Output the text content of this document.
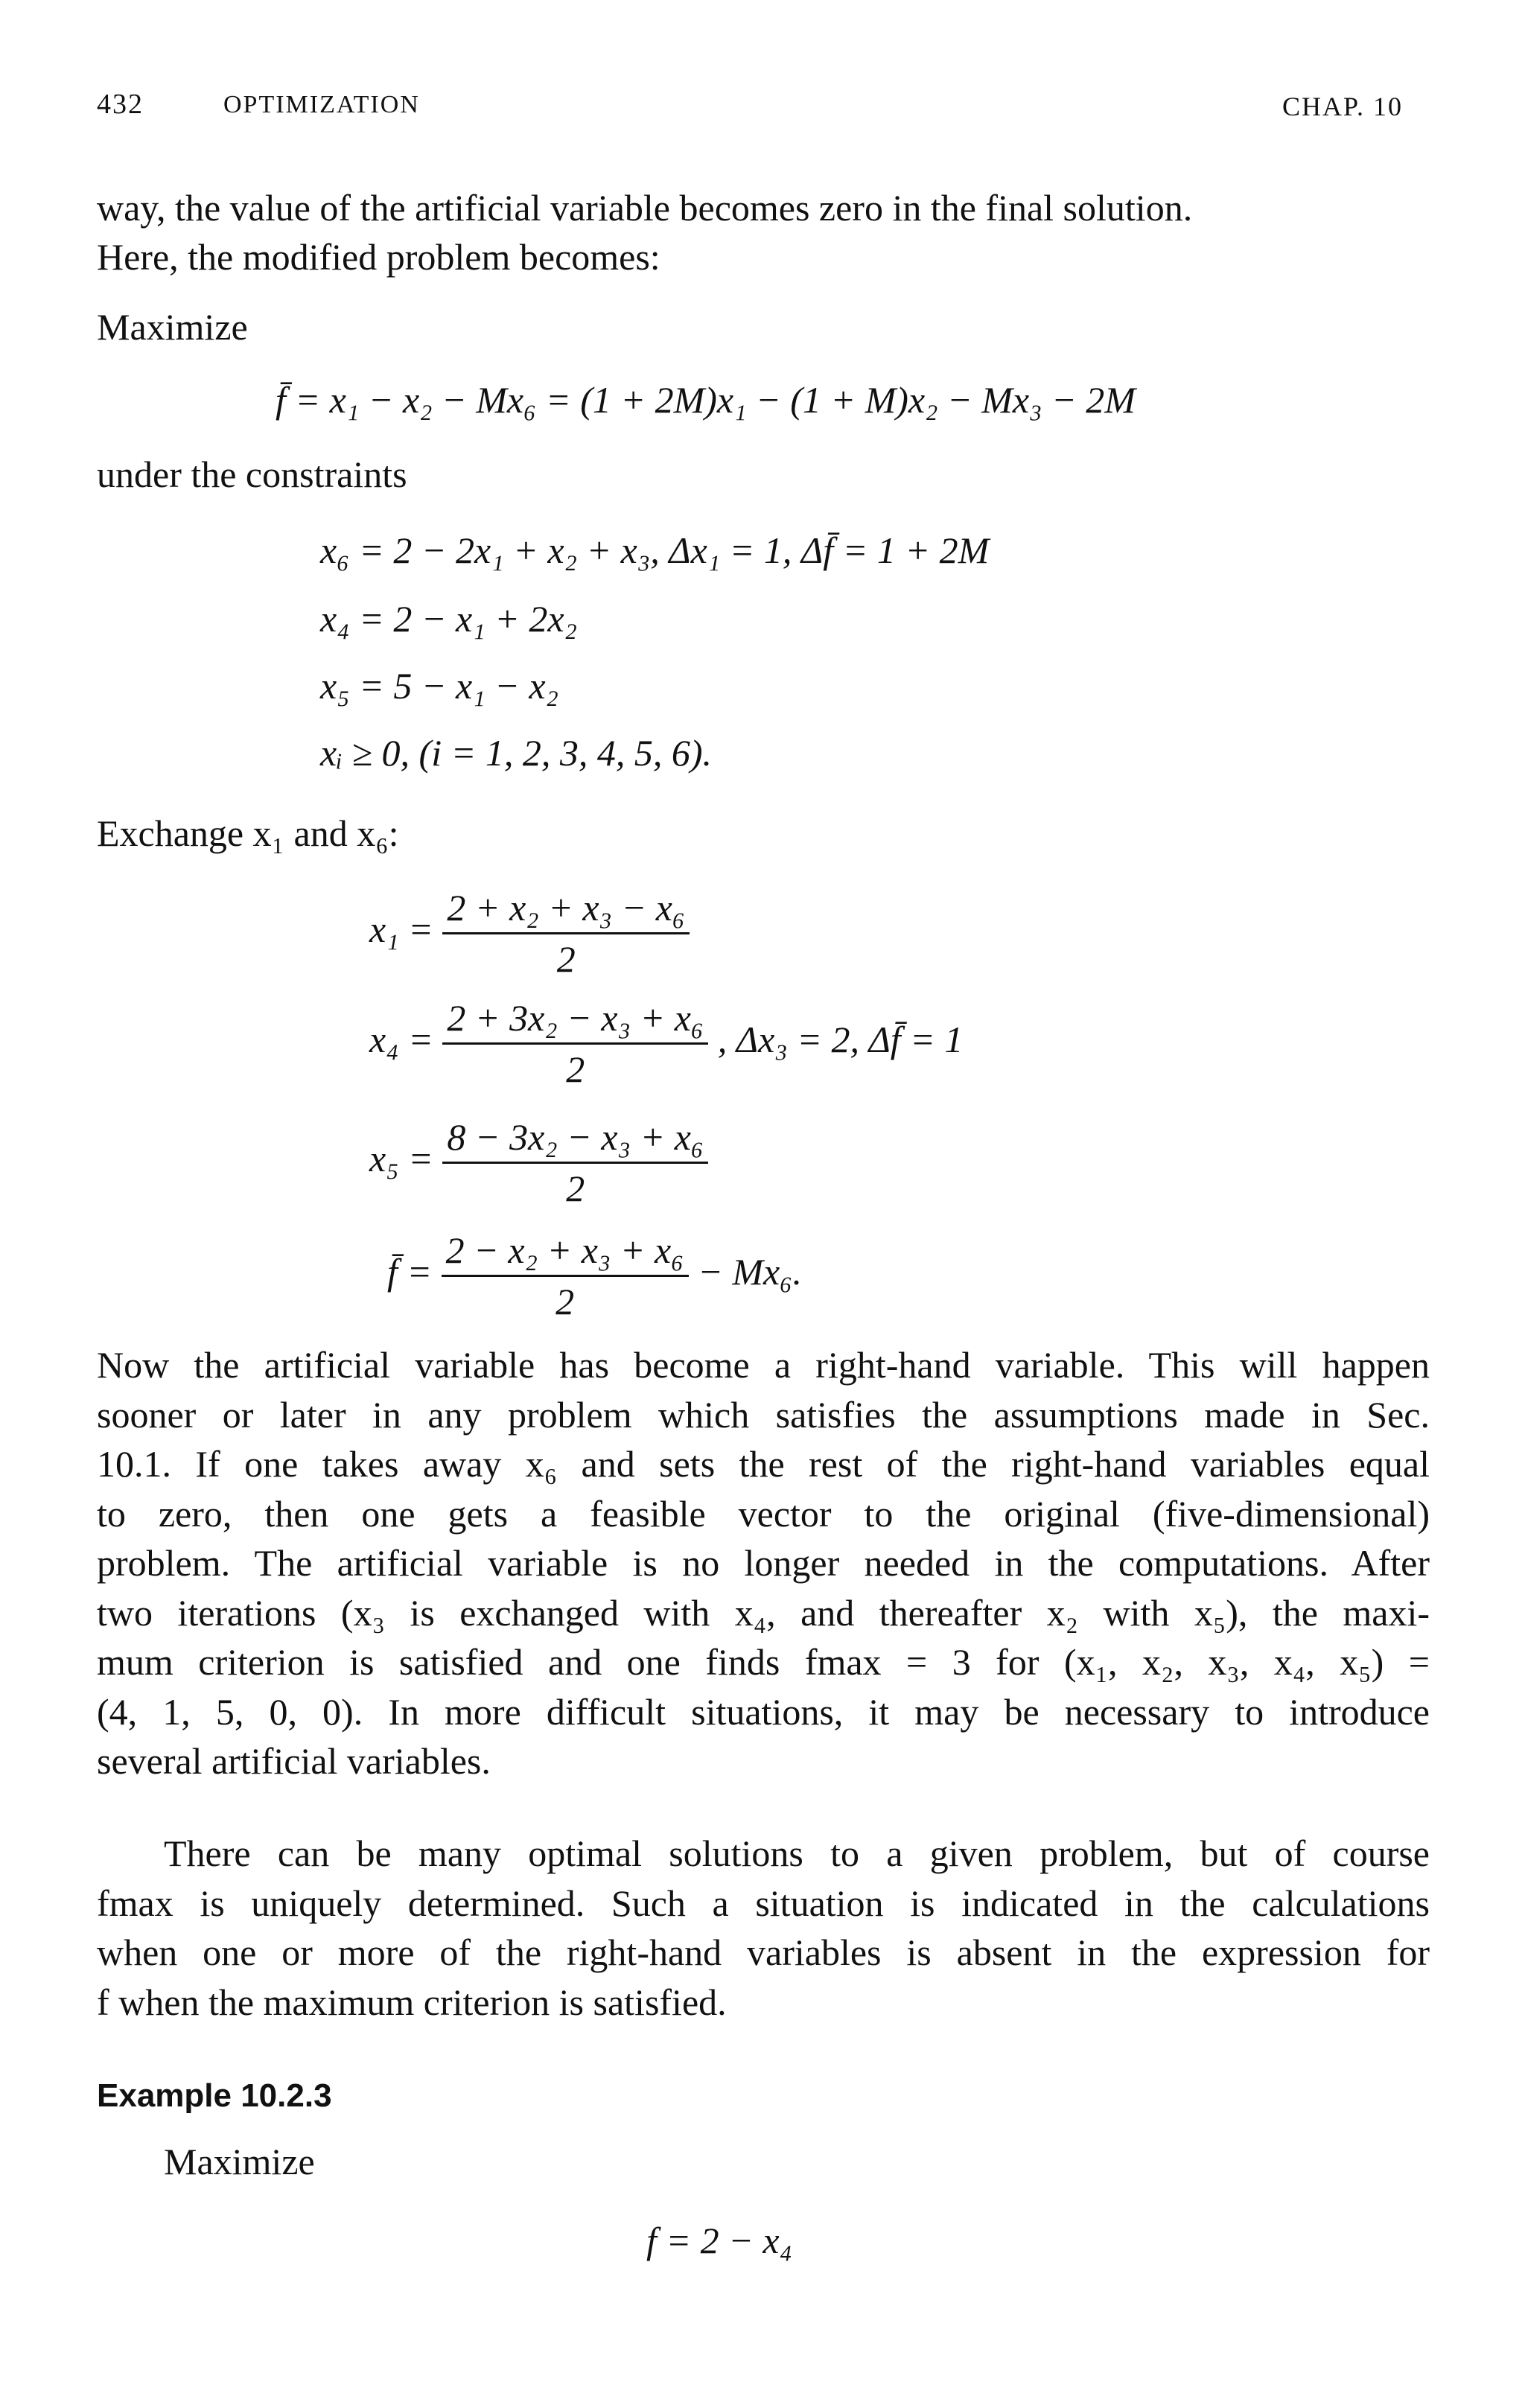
432	OPTIMIZATION	CHAP. 10
way, the value of the artificial variable becomes zero in the final solution.
Here, the modified problem becomes:
Maximize
f̄ = x₁ − x₂ − Mx₆ = (1 + 2M)x₁ − (1 + M)x₂ − Mx₃ − 2M
under the constraints
x₆ = 2 − 2x₁ + x₂ + x₃, Δx₁ = 1, Δf̄ = 1 + 2M
x₄ = 2 − x₁ + 2x₂
x₅ = 5 − x₁ − x₂
xᵢ ≥ 0, (i = 1, 2, 3, 4, 5, 6).
Exchange x₁ and x₆:
$x_1 = \frac{\text{2 + x₂ + x₃ − x₆}}{2}$
$x_4 = \frac{\text{2 + 3x₂ − x₃ + x₆}}{2}$ , Δx₃ = 2, Δf̄ = 1
$x_5 = \frac{\text{8 − 3x₂ − x₃ + x₆}}{2}$
f̄ = $\frac{\text{2 − x₂ + x₃ + x₆}}{2} - Mx_6$.
Now the artificial variable has become a right-hand variable. This will happen
sooner or later in any problem which satisfies the assumptions made in Sec.
10.1. If one takes away x₆ and sets the rest of the right-hand variables equal
to zero, then one gets a feasible vector to the original (five-dimensional)
problem. The artificial variable is no longer needed in the computations. After
two iterations (x₃ is exchanged with x₄, and thereafter x₂ with x₅), the maxi-
mum criterion is satisfied and one finds fmax = 3 for (x₁, x₂, x₃, x₄, x₅) =
(4, 1, 5, 0, 0). In more difficult situations, it may be necessary to introduce
several artificial variables.
There can be many optimal solutions to a given problem, but of course
fmax is uniquely determined. Such a situation is indicated in the calculations
when one or more of the right-hand variables is absent in the expression for
f when the maximum criterion is satisfied.
Example 10.2.3
Maximize
f = 2 − x₄
